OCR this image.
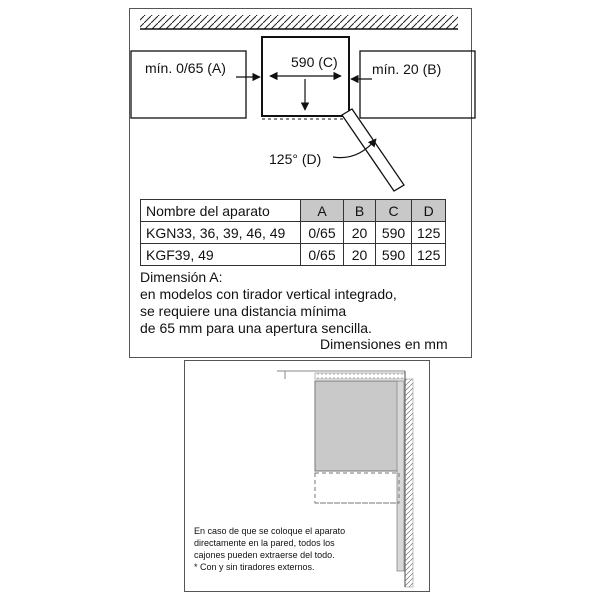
mín. 0/65 (A)	590 (C) mín. 20 (B)
125° (D)
Nombre del aparato	A	B	C	D
KGN33, 36, 39, 46, 49	0/65	20	590	125
KGF39, 49	0/65	20	590	125
Dimensión A:
en modelos con tirador vertical integrado,
se requiere una distancia mínima
de 65 mm para una apertura sencilla.
Dimensiones en mm
En caso de que se coloque el aparato
directamente en la pared, todos los
cajones pueden extraerse del todo.
* Con y sin tiradores externos.
